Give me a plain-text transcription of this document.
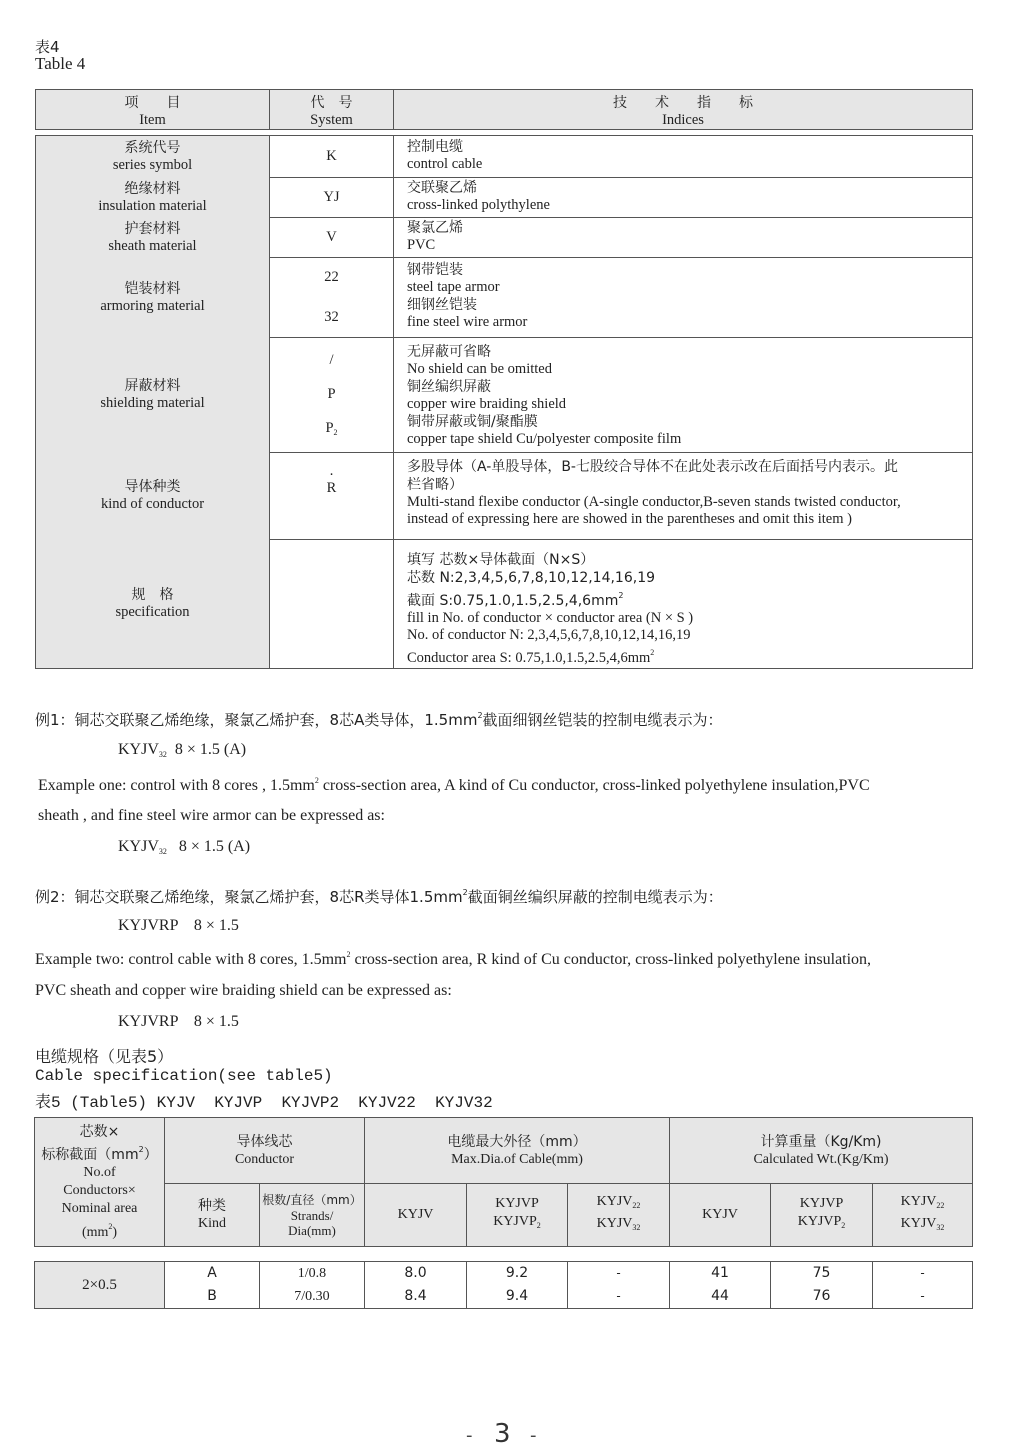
表4
Table 4
项　　目
Item
代　号
System
技　　术　　指　　标
Indices
系统代号
series symbol
K
控制电缆
control cable
绝缘材料
insulation material
YJ
交联聚乙烯
cross-linked polythylene
护套材料
sheath material
V
聚氯乙烯
PVC
铠装材料
armoring material
22
32
钢带铠装
steel tape armor
细钢丝铠装
fine steel wire armor
屏蔽材料
shielding material
/
P
$P_2$
无屏蔽可省略
No shield can be omitted
铜丝编织屏蔽
copper wire braiding shield
铜带屏蔽或铜/聚酯膜
copper tape shield Cu/polyester composite film
导体种类
kind of conductor
·
R
多股导体（A-单股导体，B-七股绞合导体不在此处表示改在后面括号内表示。此
栏省略）
Multi-stand flexibe conductor (A-single conductor,B-seven stands twisted conductor,
instead of expressing here are showed in the parentheses and omit this item )
规　格
specification
填写 芯数×导体截面（N×S）
芯数 N:2,3,4,5,6,7,8,10,12,14,16,19
截面 $S:0.75,1.0,1.5,2.5,4,6mm^2$
fill in No. of conductor × conductor area (N × S )
No. of conductor N: 2,3,4,5,6,7,8,10,12,14,16,19
Conductor area S: $0.75,1.0,1.5,2.5,4,6mm^2$
例1：铜芯交联聚乙烯绝缘，聚氯乙烯护套，8芯A类导体，$1.5mm^2$截面细钢丝铠装的控制电缆表示为：
$KYJV_{32}$ 8 × 1.5 (A)
Example one: control with 8 cores , $1.5mm^2$ cross-section area, A kind of Cu conductor, cross-linked polyethylene insulation,PVC
sheath , and fine steel wire armor can be expressed as:
$KYJV_{32}$ 8 × 1.5 (A)
例2：铜芯交联聚乙烯绝缘，聚氯乙烯护套，8芯R类导体$1.5mm^2$截面铜丝编织屏蔽的控制电缆表示为：
KYJVRP    8 × 1.5
Example two: control cable with 8 cores, $1.5mm^2$ cross-section area, R kind of Cu conductor, cross-linked polyethylene insulation,
PVC sheath and copper wire braiding shield can be expressed as:
KYJVRP    8 × 1.5
电缆规格（见表5）
Cable specification(see table5)
表5 (Table5) KYJV  KYJVP  KYJVP2  KYJV22  KYJV32
芯数×
标称截面$(mm^2)$
No.of
Conductors×
Nominal area
$(mm^2)$
导体线芯
Conductor
种类
Kind
根数/直径（mm）
Strands/
Dia(mm)
电缆最大外径（mm）
Max.Dia.of Cable(mm)
KYJV
KYJVP
$KYJVP_2$
$KYJV_{22}$
$KYJV_{32}$
计算重量（Kg/Km)
Calculated Wt.(Kg/Km)
KYJV
KYJVP
$KYJVP_2$
$KYJV_{22}$
$KYJV_{32}$
2×0.5
A
B
1/0.8
7/0.30
8.0
8.4
9.2
9.4
-
-
41
44
75
76
-
-
- 3 -
